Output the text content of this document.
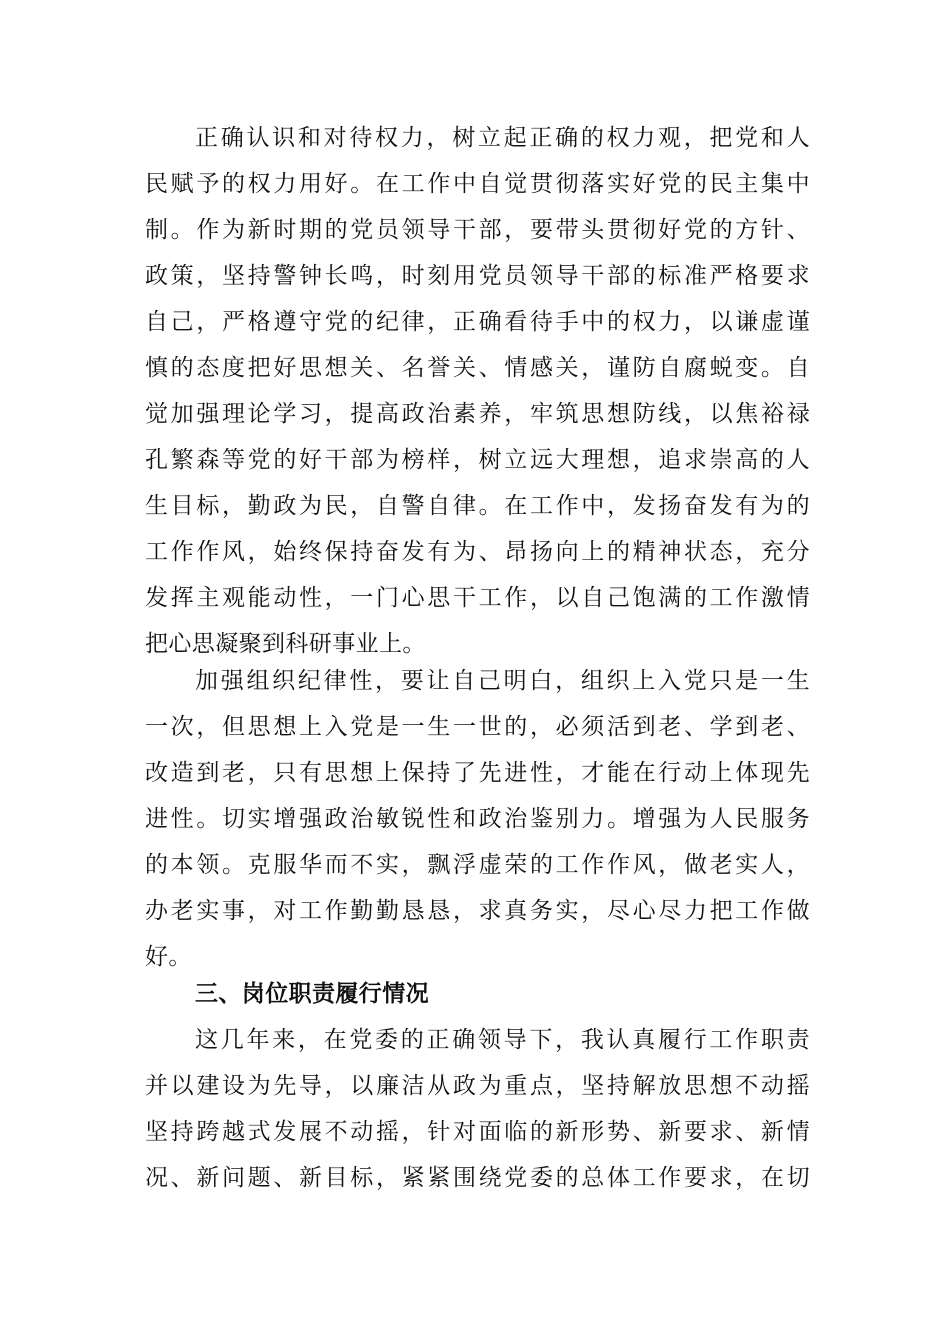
正确认识和对待权力，树立起正确的权力观，把党和人
民赋予的权力用好。在工作中自觉贯彻落实好党的民主集中
制。作为新时期的党员领导干部，要带头贯彻好党的方针、
政策，坚持警钟长鸣，时刻用党员领导干部的标准严格要求
自己，严格遵守党的纪律，正确看待手中的权力，以谦虚谨
慎的态度把好思想关、名誉关、情感关，谨防自腐蜕变。自
觉加强理论学习，提高政治素养，牢筑思想防线，以焦裕禄
孔繁森等党的好干部为榜样，树立远大理想，追求崇高的人
生目标，勤政为民，自警自律。在工作中，发扬奋发有为的
工作作风，始终保持奋发有为、昂扬向上的精神状态，充分
发挥主观能动性，一门心思干工作，以自己饱满的工作激情
把心思凝聚到科研事业上。
加强组织纪律性，要让自己明白，组织上入党只是一生
一次，但思想上入党是一生一世的，必须活到老、学到老、
改造到老，只有思想上保持了先进性，才能在行动上体现先
进性。切实增强政治敏锐性和政治鉴别力。增强为人民服务
的本领。克服华而不实，飘浮虚荣的工作作风，做老实人，
办老实事，对工作勤勤恳恳，求真务实，尽心尽力把工作做
好。
三、岗位职责履行情况
这几年来，在党委的正确领导下，我认真履行工作职责
并以建设为先导，以廉洁从政为重点，坚持解放思想不动摇
坚持跨越式发展不动摇，针对面临的新形势、新要求、新情
况、新问题、新目标，紧紧围绕党委的总体工作要求，在切
